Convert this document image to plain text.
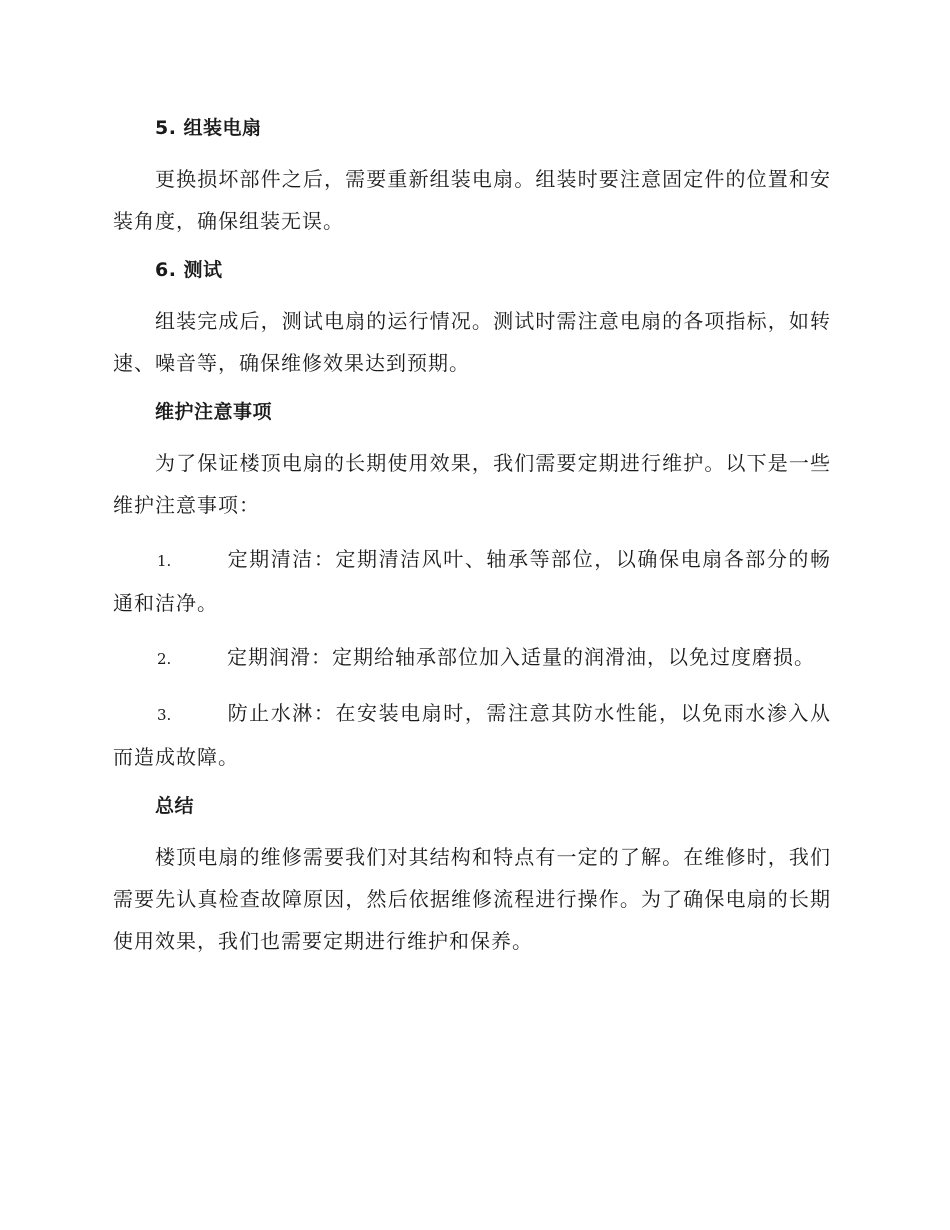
5. 组装电扇

更换损坏部件之后，需要重新组装电扇。组装时要注意固定件的位置和安装角度，确保组装无误。

6. 测试

组装完成后，测试电扇的运行情况。测试时需注意电扇的各项指标，如转速、噪音等，确保维修效果达到预期。

维护注意事项

为了保证楼顶电扇的长期使用效果，我们需要定期进行维护。以下是一些维护注意事项：

1.	定期清洁：定期清洁风叶、轴承等部位，以确保电扇各部分的畅通和洁净。
2.	定期润滑：定期给轴承部位加入适量的润滑油，以免过度磨损。
3.	防止水淋：在安装电扇时，需注意其防水性能，以免雨水渗入从而造成故障。
总结

楼顶电扇的维修需要我们对其结构和特点有一定的了解。在维修时，我们需要先认真检查故障原因，然后依据维修流程进行操作。为了确保电扇的长期使用效果，我们也需要定期进行维护和保养。
